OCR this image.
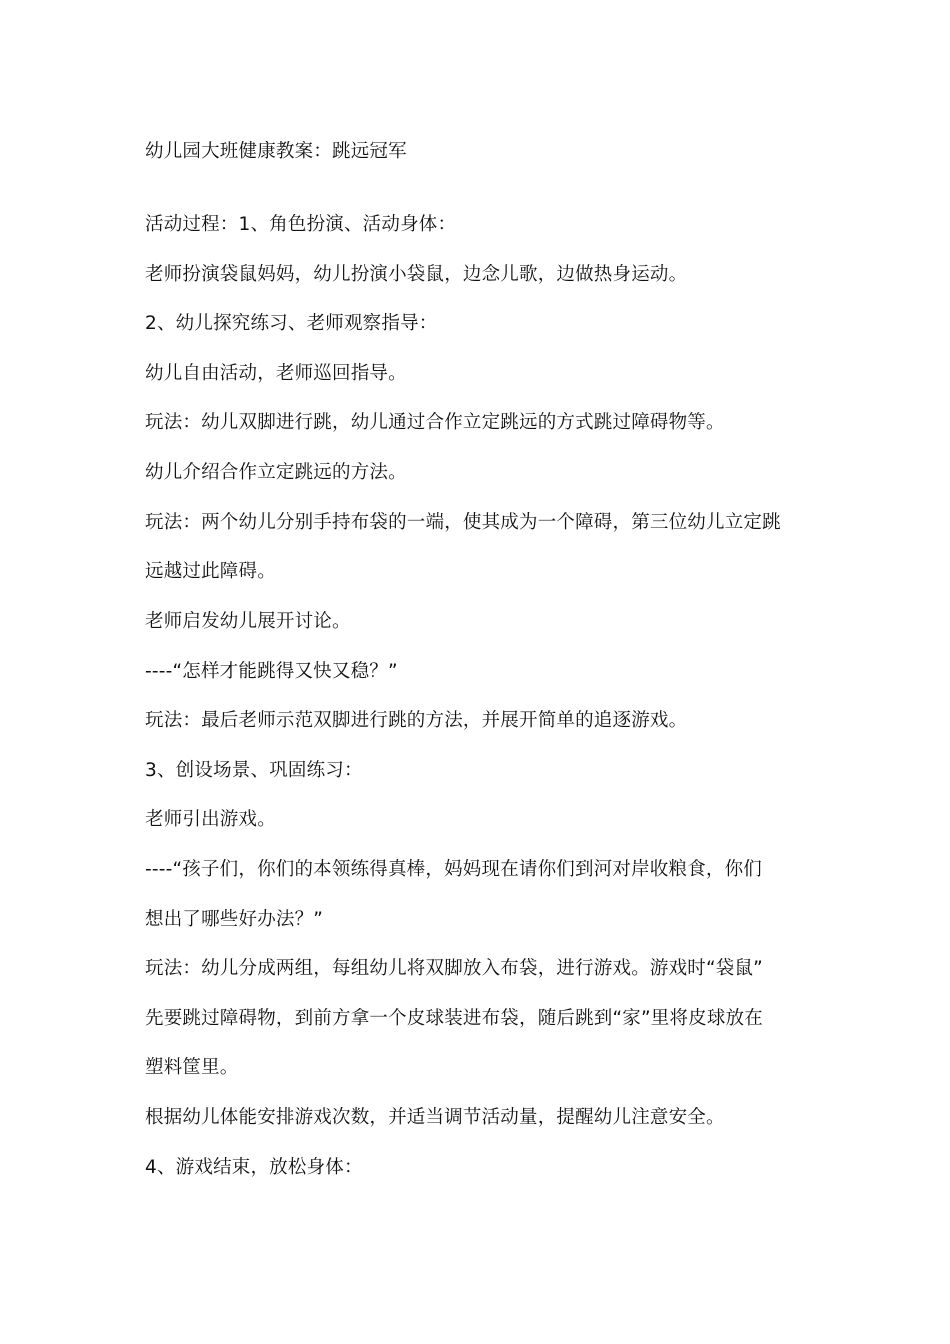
幼儿园大班健康教案：跳远冠军

活动过程：1、角色扮演、活动身体：

老师扮演袋鼠妈妈，幼儿扮演小袋鼠，边念儿歌，边做热身运动。

2、幼儿探究练习、老师观察指导：

幼儿自由活动，老师巡回指导。

玩法：幼儿双脚进行跳，幼儿通过合作立定跳远的方式跳过障碍物等。

幼儿介绍合作立定跳远的方法。

玩法：两个幼儿分别手持布袋的一端，使其成为一个障碍，第三位幼儿立定跳

远越过此障碍。

老师启发幼儿展开讨论。

----“怎样才能跳得又快又稳？”

玩法：最后老师示范双脚进行跳的方法，并展开简单的追逐游戏。

3、创设场景、巩固练习：

老师引出游戏。

----“孩子们，你们的本领练得真棒，妈妈现在请你们到河对岸收粮食，你们

想出了哪些好办法？”

玩法：幼儿分成两组，每组幼儿将双脚放入布袋，进行游戏。游戏时“袋鼠”

先要跳过障碍物，到前方拿一个皮球装进布袋，随后跳到“家”里将皮球放在

塑料筐里。

根据幼儿体能安排游戏次数，并适当调节活动量，提醒幼儿注意安全。

4、游戏结束，放松身体：
